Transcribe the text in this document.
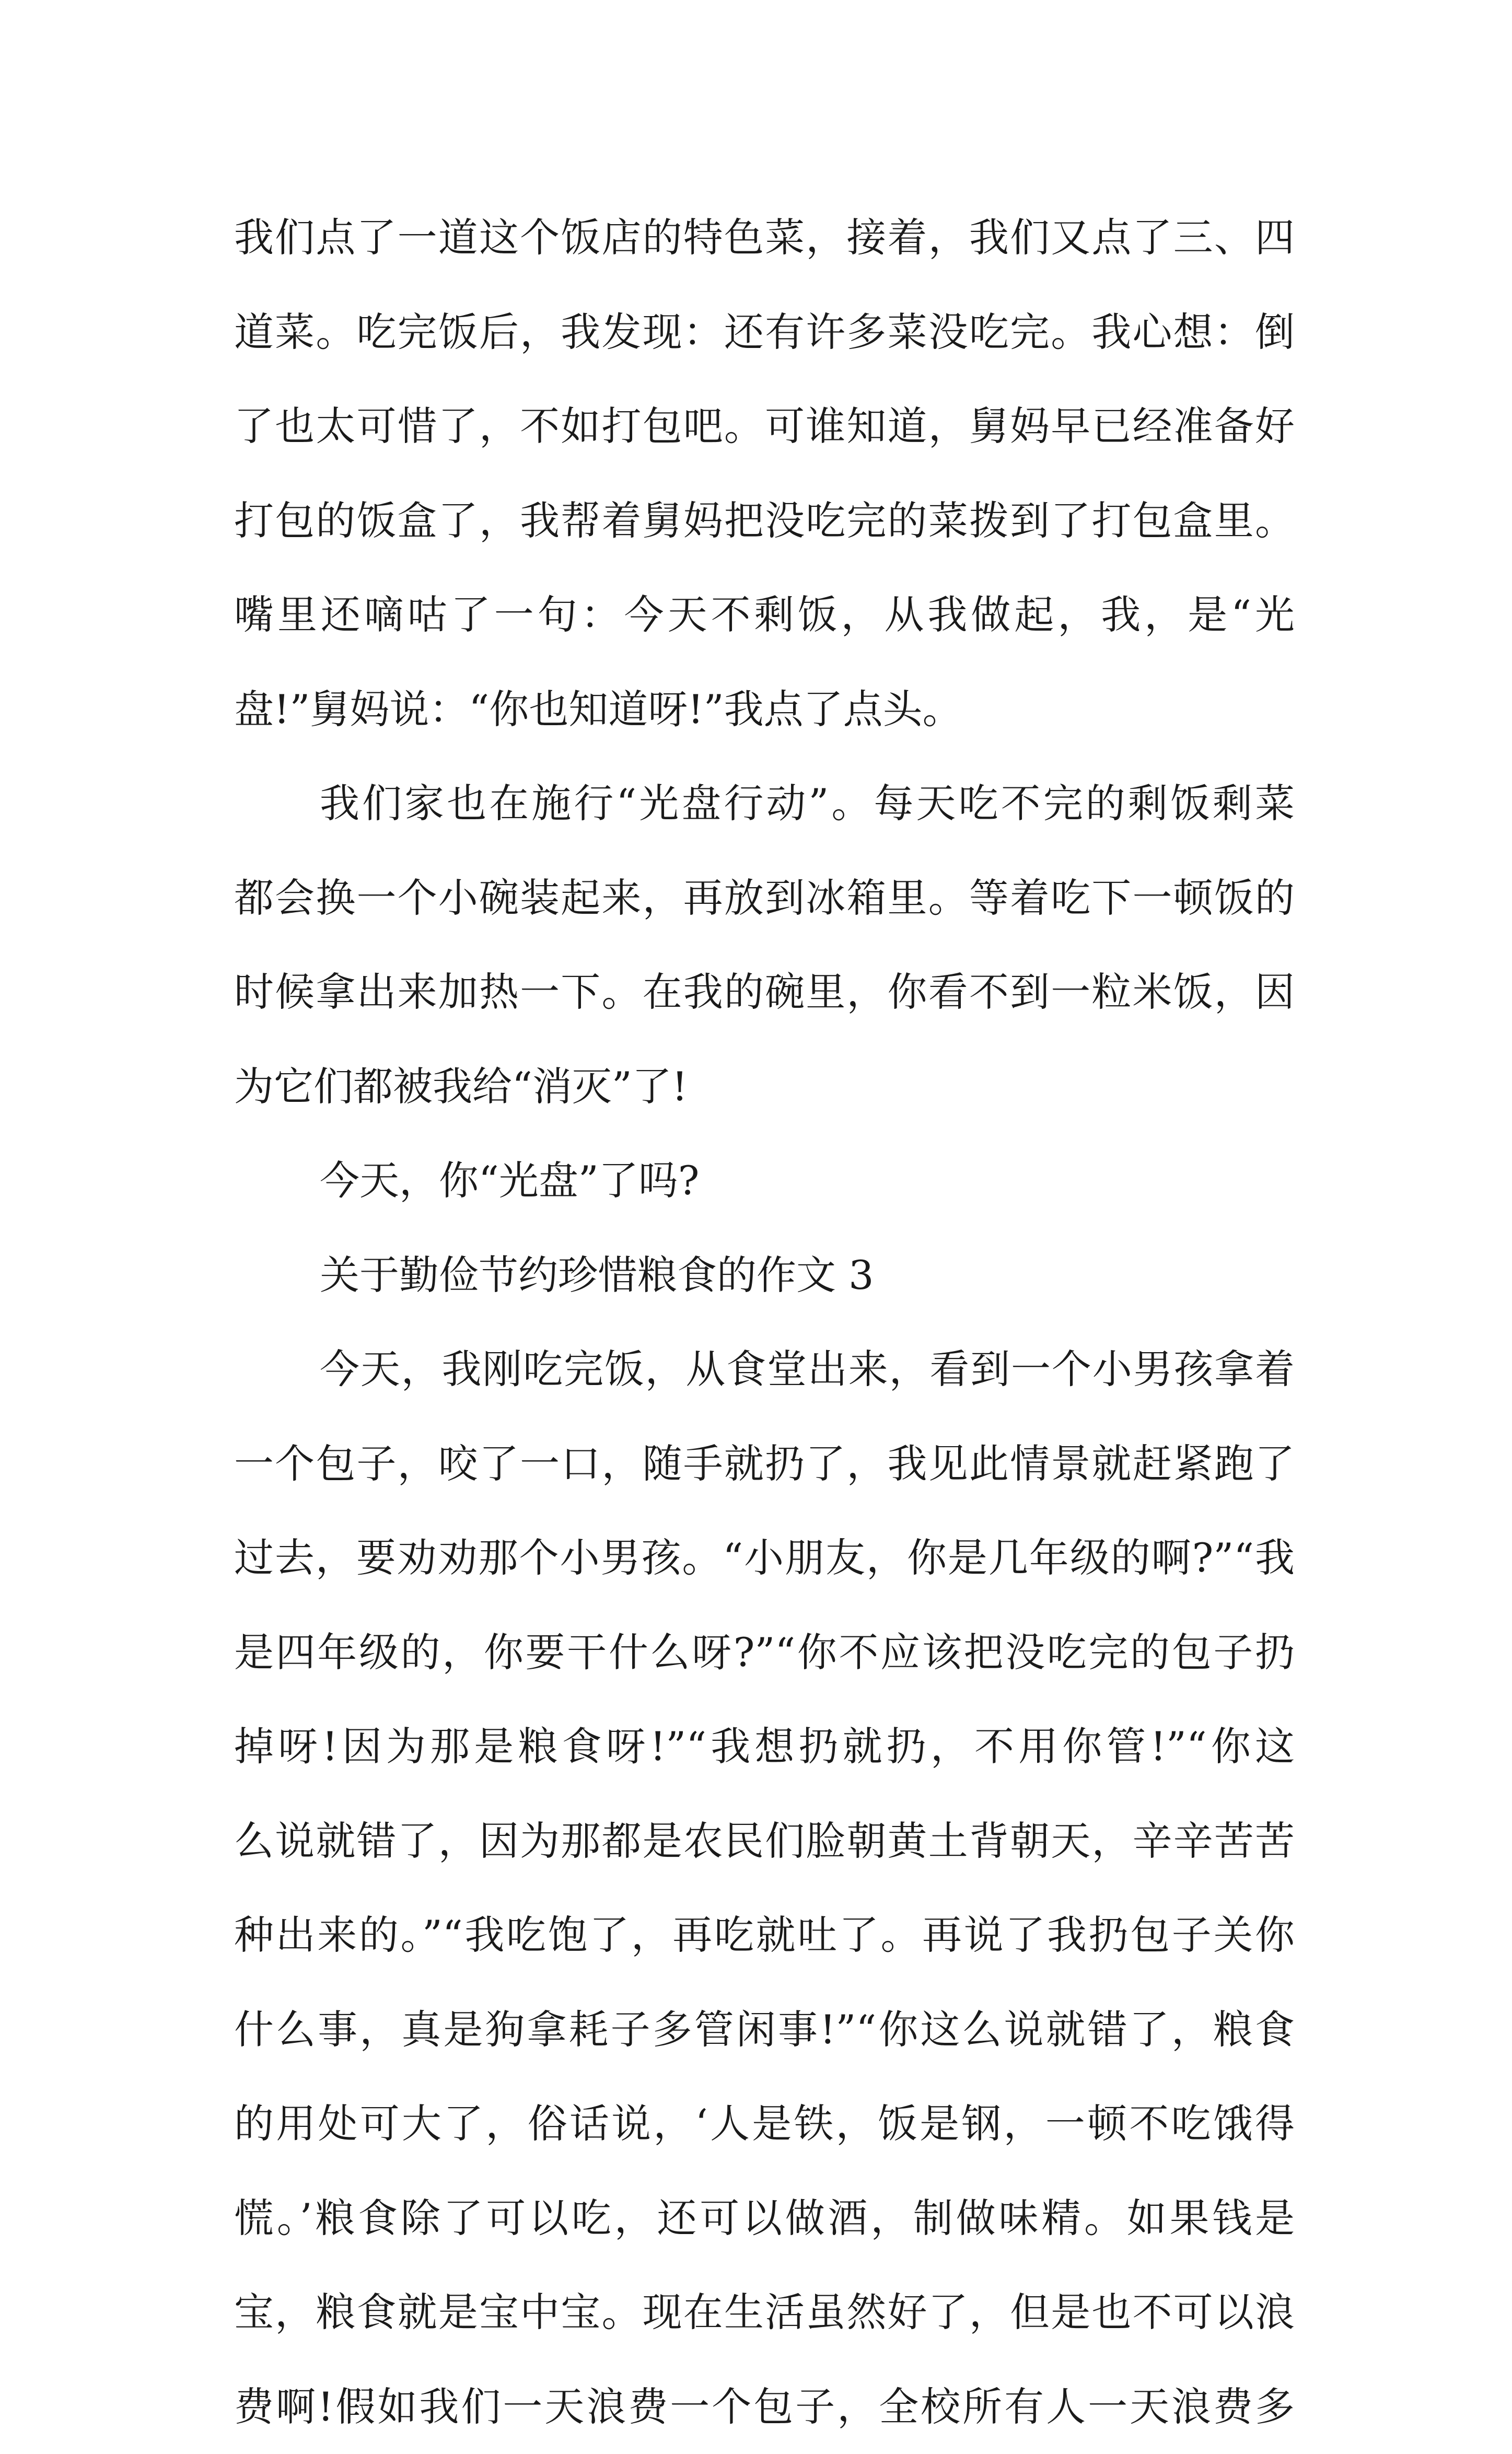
我们点了一道这个饭店的特色菜，接着，我们又点了三、四
道菜。吃完饭后，我发现：还有许多菜没吃完。我心想：倒
了也太可惜了，不如打包吧。可谁知道，舅妈早已经准备好
打包的饭盒了，我帮着舅妈把没吃完的菜拨到了打包盒里。
嘴里还嘀咕了一句：今天不剩饭，从我做起，我，是“光
盘!”舅妈说：“你也知道呀!”我点了点头。
我们家也在施行“光盘行动”。每天吃不完的剩饭剩菜
都会换一个小碗装起来，再放到冰箱里。等着吃下一顿饭的
时候拿出来加热一下。在我的碗里，你看不到一粒米饭，因
为它们都被我给“消灭”了!
今天，你“光盘”了吗?
关于勤俭节约珍惜粮食的作文 3
今天，我刚吃完饭，从食堂出来，看到一个小男孩拿着
一个包子，咬了一口，随手就扔了，我见此情景就赶紧跑了
过去，要劝劝那个小男孩。“小朋友，你是几年级的啊?”“我
是四年级的，你要干什么呀?”“你不应该把没吃完的包子扔
掉呀!因为那是粮食呀!”“我想扔就扔，不用你管!”“你这
么说就错了，因为那都是农民们脸朝黄土背朝天，辛辛苦苦
种出来的。”“我吃饱了，再吃就吐了。再说了我扔包子关你
什么事，真是狗拿耗子多管闲事!”“你这么说就错了，粮食
的用处可大了，俗话说，‘人是铁，饭是钢，一顿不吃饿得
慌。’粮食除了可以吃，还可以做酒，制做味精。如果钱是
宝，粮食就是宝中宝。现在生活虽然好了，但是也不可以浪
费啊!假如我们一天浪费一个包子，全校所有人一天浪费多
